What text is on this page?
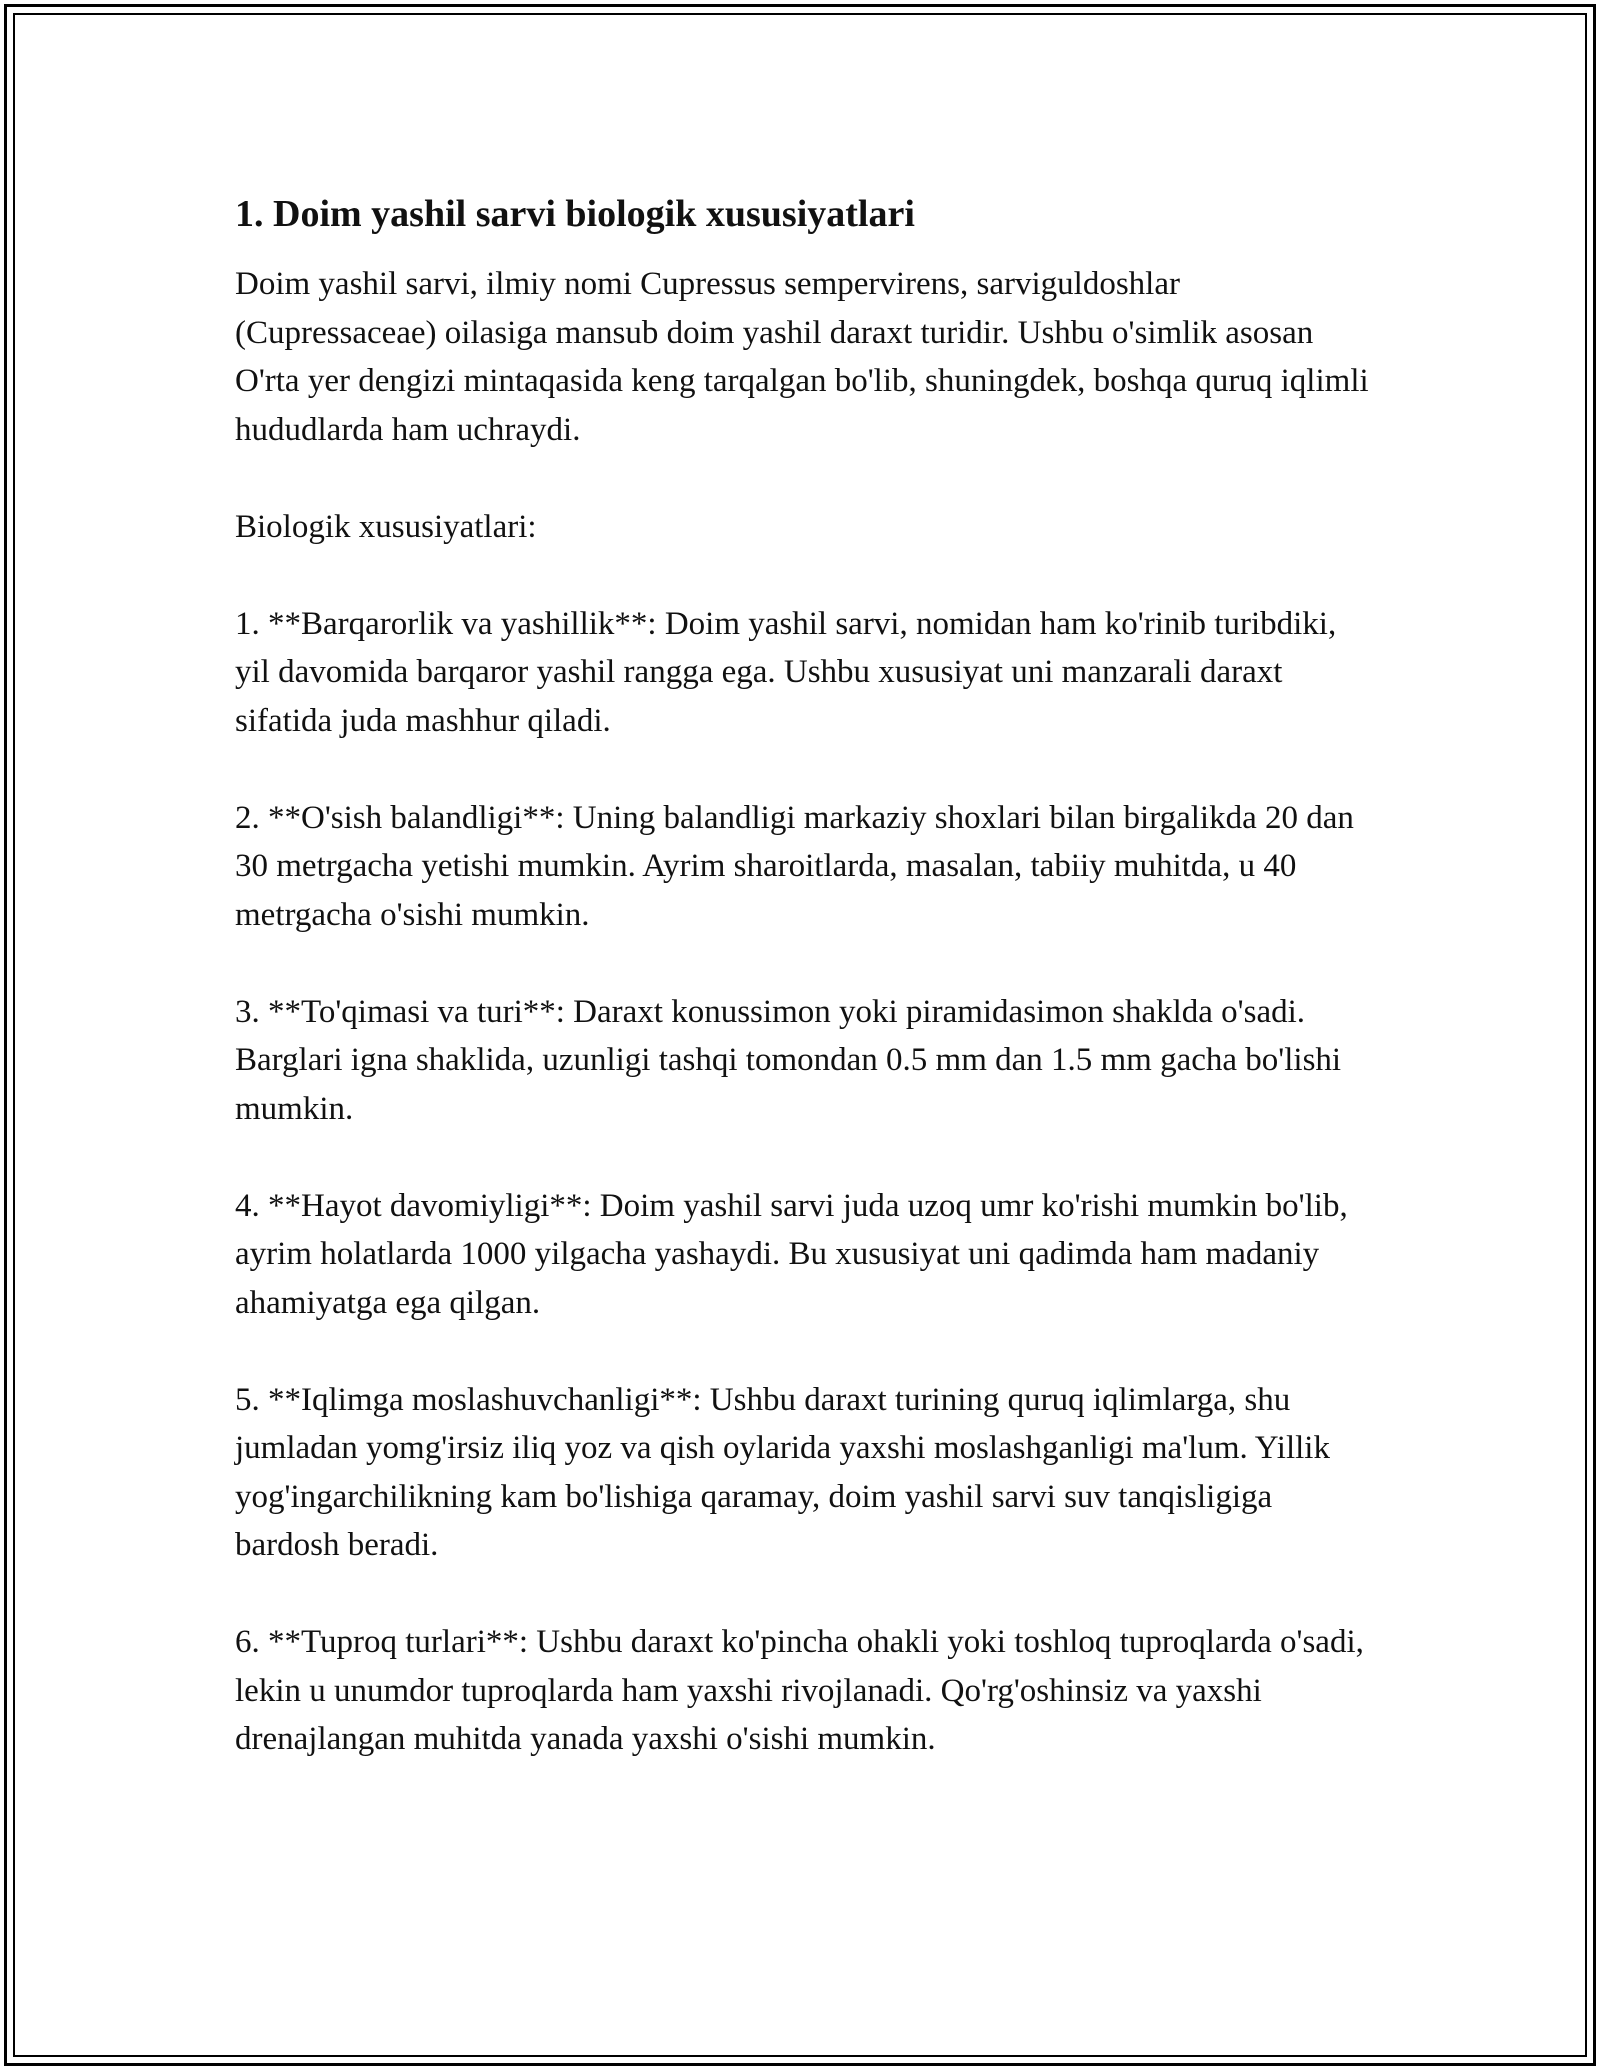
1. Doim yashil sarvi biologik xususiyatlari

Doim yashil sarvi, ilmiy nomi Cupressus sempervirens, sarviguldoshlar (Cupressaceae) oilasiga mansub doim yashil daraxt turidir. Ushbu o'simlik asosan O'rta yer dengizi mintaqasida keng tarqalgan bo'lib, shuningdek, boshqa quruq iqlimli hududlarda ham uchraydi.

Biologik xususiyatlari:

1. **Barqarorlik va yashillik**: Doim yashil sarvi, nomidan ham ko'rinib turibdiki, yil davomida barqaror yashil rangga ega. Ushbu xususiyat uni manzarali daraxt sifatida juda mashhur qiladi.

2. **O'sish balandligi**: Uning balandligi markaziy shoxlari bilan birgalikda 20 dan 30 metrgacha yetishi mumkin. Ayrim sharoitlarda, masalan, tabiiy muhitda, u 40 metrgacha o'sishi mumkin.

3. **To'qimasi va turi**: Daraxt konussimon yoki piramidasimon shaklda o'sadi. Barglari igna shaklida, uzunligi tashqi tomondan 0.5 mm dan 1.5 mm gacha bo'lishi mumkin.

4. **Hayot davomiyligi**: Doim yashil sarvi juda uzoq umr ko'rishi mumkin bo'lib, ayrim holatlarda 1000 yilgacha yashaydi. Bu xususiyat uni qadimda ham madaniy ahamiyatga ega qilgan.

5. **Iqlimga moslashuvchanligi**: Ushbu daraxt turining quruq iqlimlarga, shu jumladan yomg'irsiz iliq yoz va qish oylarida yaxshi moslashganligi ma'lum. Yillik yog'ingarchilikning kam bo'lishiga qaramay, doim yashil sarvi suv tanqisligiga bardosh beradi.

6. **Tuproq turlari**: Ushbu daraxt ko'pincha ohakli yoki toshloq tuproqlarda o'sadi, lekin u unumdor tuproqlarda ham yaxshi rivojlanadi. Qo'rg'oshinsiz va yaxshi drenajlangan muhitda yanada yaxshi o'sishi mumkin.
